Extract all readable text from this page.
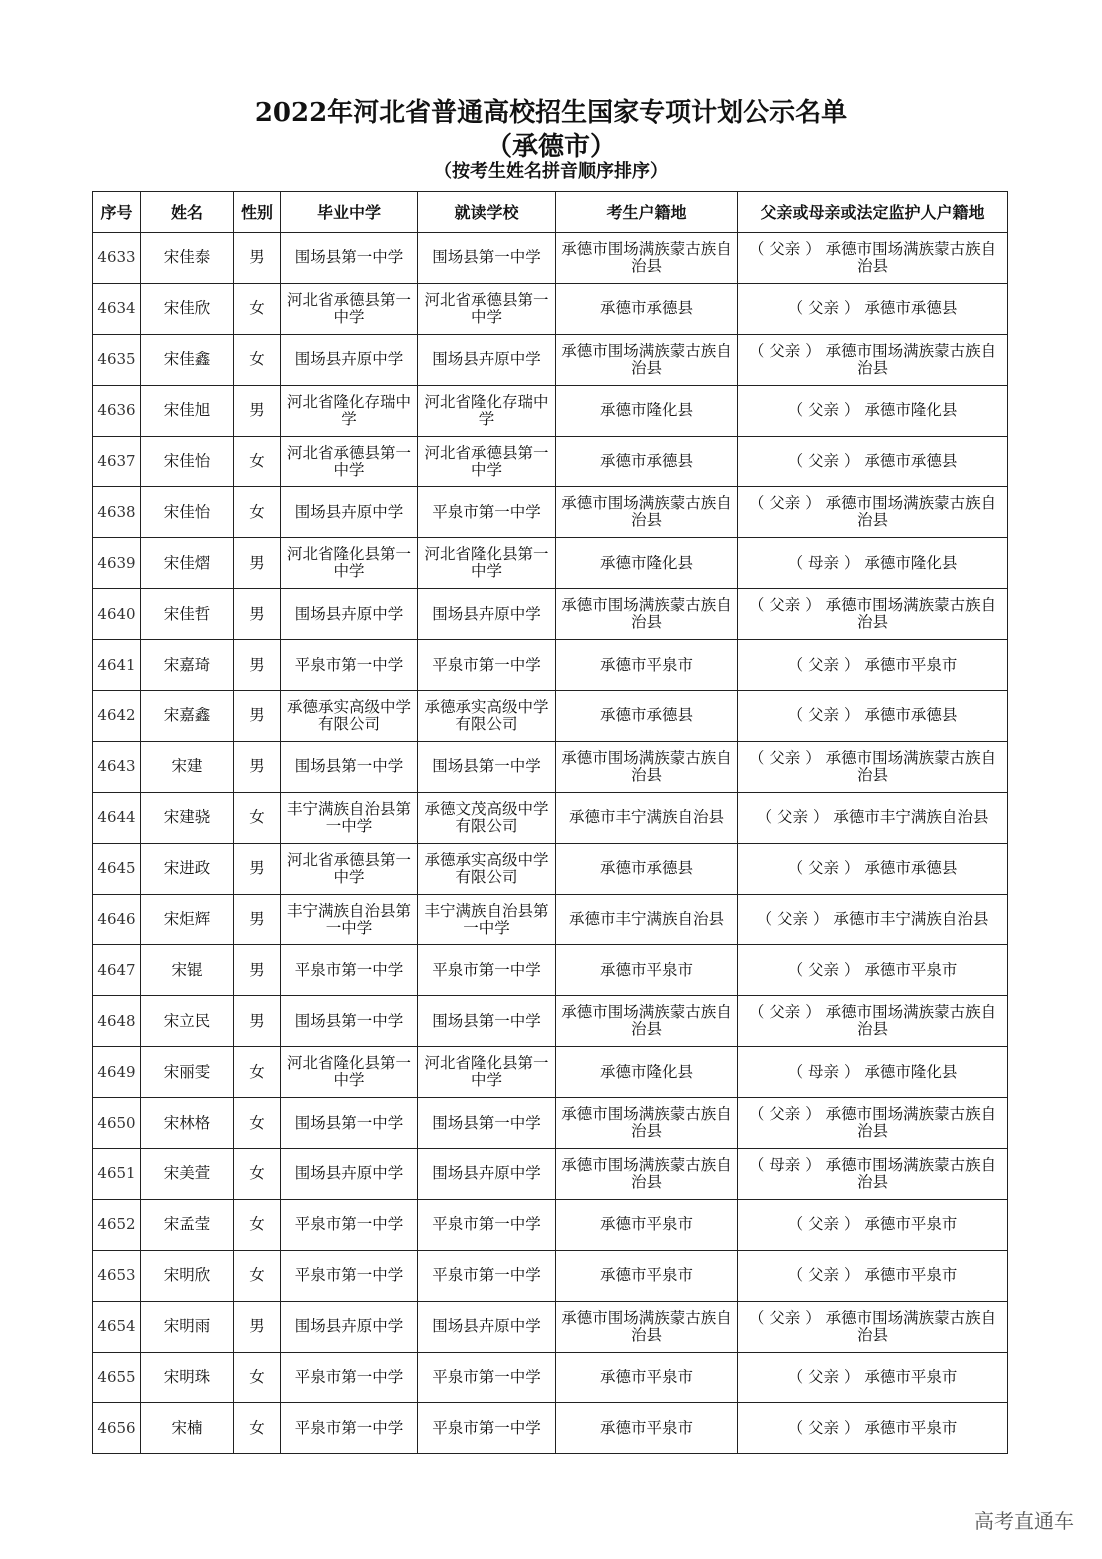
2022年河北省普通高校招生国家专项计划公示名单
（承德市）
（按考生姓名拼音顺序排序）
序号	姓名	性别	毕业中学	就读学校	考生户籍地	父亲或母亲或法定监护人户籍地
4633	宋佳泰	男	围场县第一中学	围场县第一中学	承德市围场满族蒙古族自治县	（ 父亲 ） 承德市围场满族蒙古族自治县
4634	宋佳欣	女	河北省承德县第一中学	河北省承德县第一中学	承德市承德县	（ 父亲 ） 承德市承德县
4635	宋佳鑫	女	围场县卉原中学	围场县卉原中学	承德市围场满族蒙古族自治县	（ 父亲 ） 承德市围场满族蒙古族自治县
4636	宋佳旭	男	河北省隆化存瑞中学	河北省隆化存瑞中学	承德市隆化县	（ 父亲 ） 承德市隆化县
4637	宋佳怡	女	河北省承德县第一中学	河北省承德县第一中学	承德市承德县	（ 父亲 ） 承德市承德县
4638	宋佳怡	女	围场县卉原中学	平泉市第一中学	承德市围场满族蒙古族自治县	（ 父亲 ） 承德市围场满族蒙古族自治县
4639	宋佳熠	男	河北省隆化县第一中学	河北省隆化县第一中学	承德市隆化县	（ 母亲 ） 承德市隆化县
4640	宋佳哲	男	围场县卉原中学	围场县卉原中学	承德市围场满族蒙古族自治县	（ 父亲 ） 承德市围场满族蒙古族自治县
4641	宋嘉琦	男	平泉市第一中学	平泉市第一中学	承德市平泉市	（ 父亲 ） 承德市平泉市
4642	宋嘉鑫	男	承德承实高级中学有限公司	承德承实高级中学有限公司	承德市承德县	（ 父亲 ） 承德市承德县
4643	宋建	男	围场县第一中学	围场县第一中学	承德市围场满族蒙古族自治县	（ 父亲 ） 承德市围场满族蒙古族自治县
4644	宋建骁	女	丰宁满族自治县第一中学	承德文茂高级中学有限公司	承德市丰宁满族自治县	（ 父亲 ） 承德市丰宁满族自治县
4645	宋进政	男	河北省承德县第一中学	承德承实高级中学有限公司	承德市承德县	（ 父亲 ） 承德市承德县
4646	宋炬辉	男	丰宁满族自治县第一中学	丰宁满族自治县第一中学	承德市丰宁满族自治县	（ 父亲 ） 承德市丰宁满族自治县
4647	宋锟	男	平泉市第一中学	平泉市第一中学	承德市平泉市	（ 父亲 ） 承德市平泉市
4648	宋立民	男	围场县第一中学	围场县第一中学	承德市围场满族蒙古族自治县	（ 父亲 ） 承德市围场满族蒙古族自治县
4649	宋丽雯	女	河北省隆化县第一中学	河北省隆化县第一中学	承德市隆化县	（ 母亲 ） 承德市隆化县
4650	宋林格	女	围场县第一中学	围场县第一中学	承德市围场满族蒙古族自治县	（ 父亲 ） 承德市围场满族蒙古族自治县
4651	宋美萱	女	围场县卉原中学	围场县卉原中学	承德市围场满族蒙古族自治县	（ 母亲 ） 承德市围场满族蒙古族自治县
4652	宋孟莹	女	平泉市第一中学	平泉市第一中学	承德市平泉市	（ 父亲 ） 承德市平泉市
4653	宋明欣	女	平泉市第一中学	平泉市第一中学	承德市平泉市	（ 父亲 ） 承德市平泉市
4654	宋明雨	男	围场县卉原中学	围场县卉原中学	承德市围场满族蒙古族自治县	（ 父亲 ） 承德市围场满族蒙古族自治县
4655	宋明珠	女	平泉市第一中学	平泉市第一中学	承德市平泉市	（ 父亲 ） 承德市平泉市
4656	宋楠	女	平泉市第一中学	平泉市第一中学	承德市平泉市	（ 父亲 ） 承德市平泉市
高考直通车
